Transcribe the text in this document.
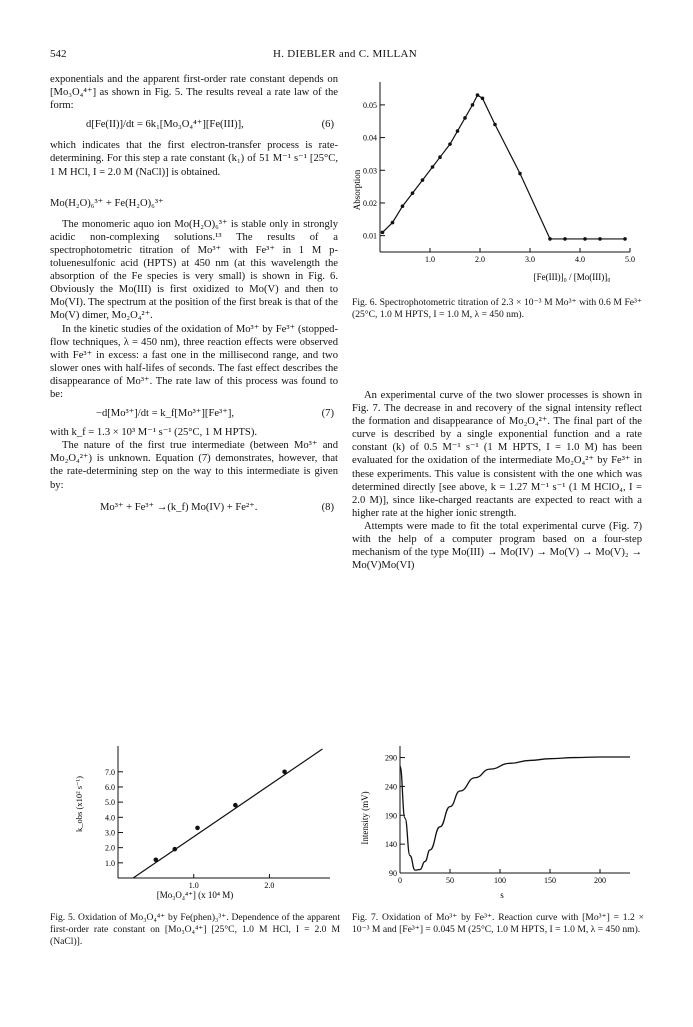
542	H. DIEBLER and C. MILLAN

exponentials and the apparent first-order rate constant depends on [Mo₃O₄⁴⁺] as shown in Fig. 5. The results reveal a rate law of the form:

d[Fe(II)]/dt = 6k₁[Mo₃O₄⁴⁺][Fe(III)],	(6)

which indicates that the first electron-transfer process is rate-determining. For this step a rate constant (k₁) of 51 M⁻¹ s⁻¹ [25°C, 1 M HCl, I = 2.0 M (NaCl)] is obtained.

Mo(H₂O)₆³⁺ + Fe(H₂O)₆³⁺

The monomeric aquo ion Mo(H₂O)₆³⁺ is stable only in strongly acidic non-complexing solutions.¹³ The results of a spectrophotometric titration of Mo³⁺ with Fe³⁺ in 1 M p-toluenesulfonic acid (HPTS) at 450 nm (at this wavelength the absorption of the Fe species is very small) is shown in Fig. 6. Obviously the Mo(III) is first oxidized to Mo(V) and then to Mo(VI). The spectrum at the position of the first break is that of the Mo(V) dimer, Mo₂O₄²⁺.

In the kinetic studies of the oxidation of Mo³⁺ by Fe³⁺ (stopped-flow techniques, λ = 450 nm), three reaction effects were observed with Fe³⁺ in excess: a fast one in the millisecond range, and two slower ones with half-lifes of seconds. The fast effect describes the disappearance of Mo³⁺. The rate law of this process was found to be:

−d[Mo³⁺]/dt = k_f[Mo³⁺][Fe³⁺],	(7)

with k_f = 1.3 × 10³ M⁻¹ s⁻¹ (25°C, 1 M HPTS).

The nature of the first true intermediate (between Mo³⁺ and Mo₂O₄²⁺) is unknown. Equation (7) demonstrates, however, that the rate-determining step on the way to this intermediate is given by:

Mo³⁺ + Fe³⁺ →(k_f) Mo(IV) + Fe²⁺.	(8)
0.01
0.02
0.03
0.04
0.05
1.0	2.0	3.0	4.0	5.0
Absorption
[Fe(III)]₀ / [Mo(III)]₀
Fig. 6. Spectrophotometric titration of 2.3 × 10⁻³ M Mo³⁺ with 0.6 M Fe³⁺ (25°C, 1.0 M HPTS, I = 1.0 M, λ = 450 nm).

An experimental curve of the two slower processes is shown in Fig. 7. The decrease in and recovery of the signal intensity reflect the formation and disappearance of Mo₂O₄²⁺. The final part of the curve is described by a single exponential function and a rate constant (k) of 0.5 M⁻¹ s⁻¹ (1 M HPTS, I = 1.0 M) has been evaluated for the oxidation of the intermediate Mo₂O₄²⁺ by Fe³⁺ in these experiments. This value is consistent with the one which was determined directly [see above, k = 1.27 M⁻¹ s⁻¹ (1 M HClO₄, I = 2.0 M)], since like-charged reactants are expected to react with a higher rate at the higher ionic strength.

Attempts were made to fit the total experimental curve (Fig. 7) with the help of a computer program based on a four-step mechanism of the type Mo(III) → Mo(IV) → Mo(V) → Mo(V)₂ → Mo(V)Mo(VI)

1.0
2.0
3.0
4.0
5.0
6.0
7.0
1.0	2.0
k_obs (x10² s⁻¹)
[Mo₃O₄⁴⁺] (x 10⁴ M)
Fig. 5. Oxidation of Mo₃O₄⁴⁺ by Fe(phen)₃³⁺. Dependence of the apparent first-order rate constant on [Mo₃O₄⁴⁺] [25°C, 1.0 M HCl, I = 2.0 M (NaCl)].
90
140
190
240
290
0	50	100	150	200
Intensity (mV)
s
Fig. 7. Oxidation of Mo³⁺ by Fe³⁺. Reaction curve with [Mo³⁺] = 1.2 × 10⁻³ M and [Fe³⁺] = 0.045 M (25°C, 1.0 M HPTS, I = 1.0 M, λ = 450 nm).
